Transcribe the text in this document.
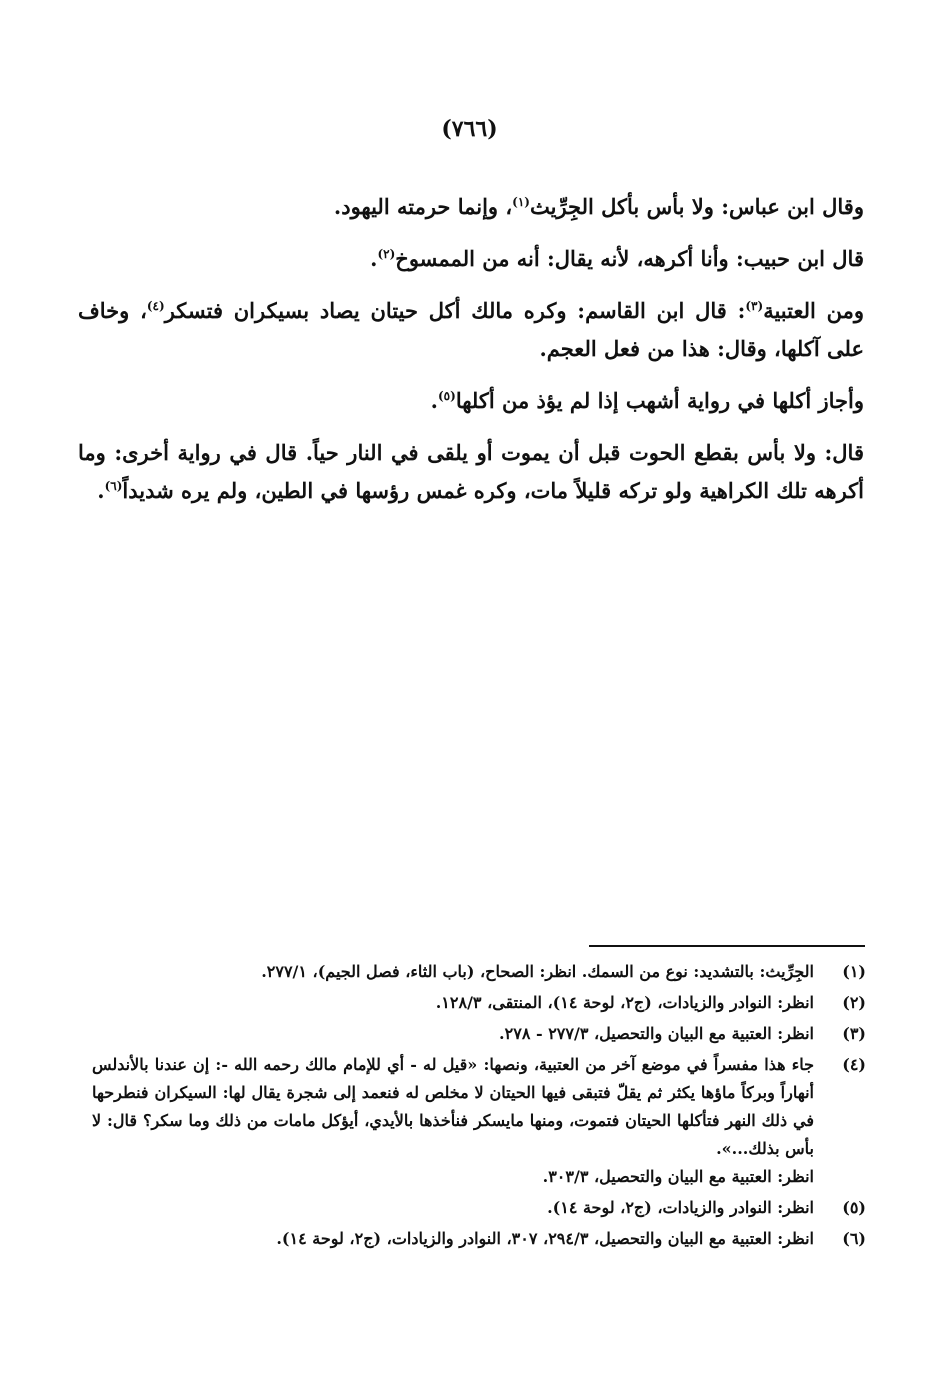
(٧٦٦)

وقال ابن عباس: ولا بأس بأكل الجِرِّيث$^{(١)}$، وإنما حرمته اليهود.

قال ابن حبيب: وأنا أكرهه، لأنه يقال: أنه من الممسوخ$^{(٢)}$.

ومن العتبية$^{(٣)}$: قال ابن القاسم: وكره مالك أكل حيتان يصاد بسيكران فتسكر$^{(٤)}$، وخاف على آكلها، وقال: هذا من فعل العجم.

وأجاز أكلها في رواية أشهب إذا لم يؤذ من أكلها$^{(٥)}$.

قال: ولا بأس بقطع الحوت قبل أن يموت أو يلقى في النار حياً. قال في رواية أخرى: وما أكرهه تلك الكراهية ولو تركه قليلاً مات، وكره غمس رؤسها في الطين، ولم يره شديداً$^{(٦)}$.

(١)
الجِرِّيث: بالتشديد: نوع من السمك. انظر: الصحاح، (باب الثاء، فصل الجيم)، ٢٧٧/١.
(٢)
انظر: النوادر والزيادات، (ج٢، لوحة ١٤)، المنتقى، ١٢٨/٣.
(٣)
انظر: العتبية مع البيان والتحصيل، ٢٧٧/٣ - ٢٧٨.
(٤)
جاء هذا مفسراً في موضع آخر من العتبية، ونصها: «قيل له - أي للإمام مالك رحمه الله -: إن عندنا بالأندلس أنهاراً وبركاً ماؤها يكثر ثم يقلّ فتبقى فيها الحيتان لا مخلص له فنعمد إلى شجرة يقال لها: السيكران فنطرحها في ذلك النهر فتأكلها الحيتان فتموت، ومنها مايسكر فنأخذها بالأيدي، أيؤكل مامات من ذلك وما سكر؟ قال: لا بأس بذلك...».
انظر: العتبية مع البيان والتحصيل، ٣٠٣/٣.
(٥)
انظر: النوادر والزيادات، (ج٢، لوحة ١٤).
(٦)
انظر: العتبية مع البيان والتحصيل، ٢٩٤/٣، ٣٠٧، النوادر والزيادات، (ج٢، لوحة ١٤).
